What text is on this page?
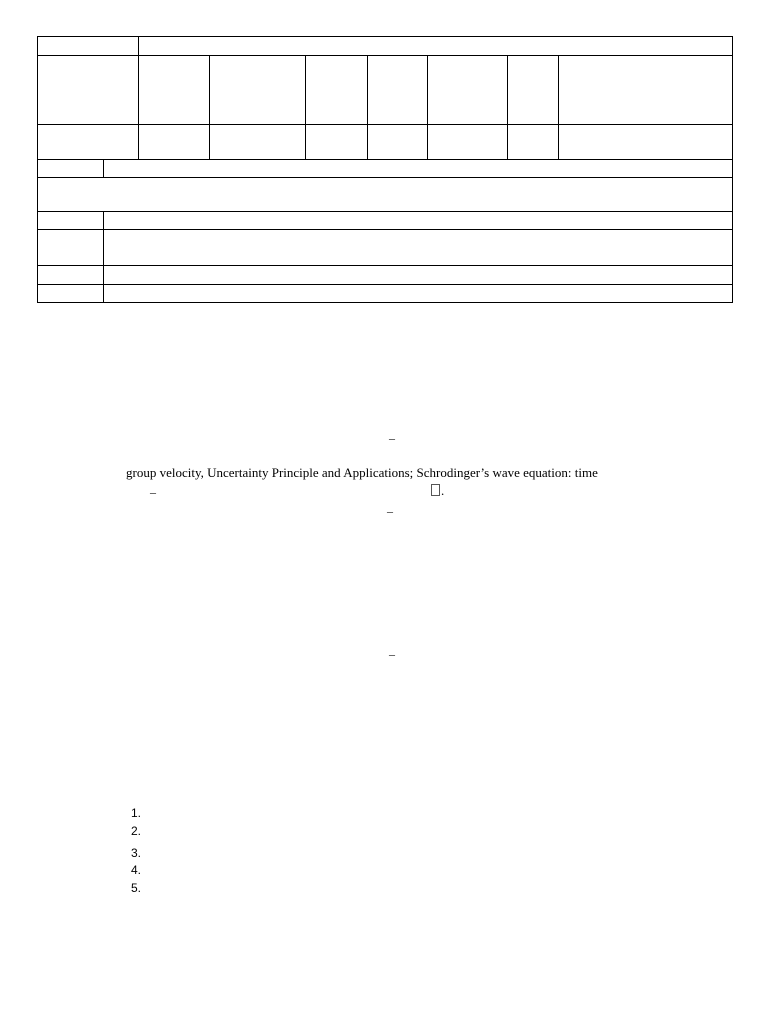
–
group velocity, Uncertainty Principle and Applications; Schrodinger’s wave equation: time
–	.
–
–
1.
2.
3.
4.
5.
